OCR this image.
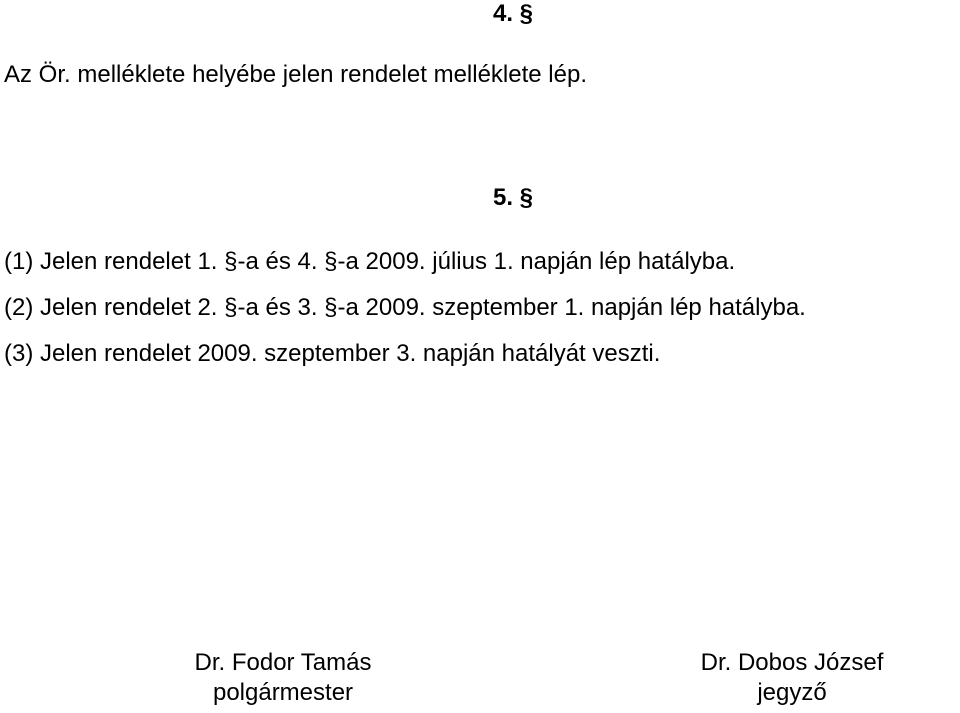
4. §
Az Ör. melléklete helyébe jelen rendelet melléklete lép.
5. §
(1) Jelen rendelet 1. §-a és 4. §-a 2009. július 1. napján lép hatályba.
(2) Jelen rendelet 2. §-a és 3. §-a 2009. szeptember 1. napján lép hatályba.
(3) Jelen rendelet 2009. szeptember 3. napján hatályát veszti.
Dr. Fodor Tamás
polgármester
Dr. Dobos József
jegyző
